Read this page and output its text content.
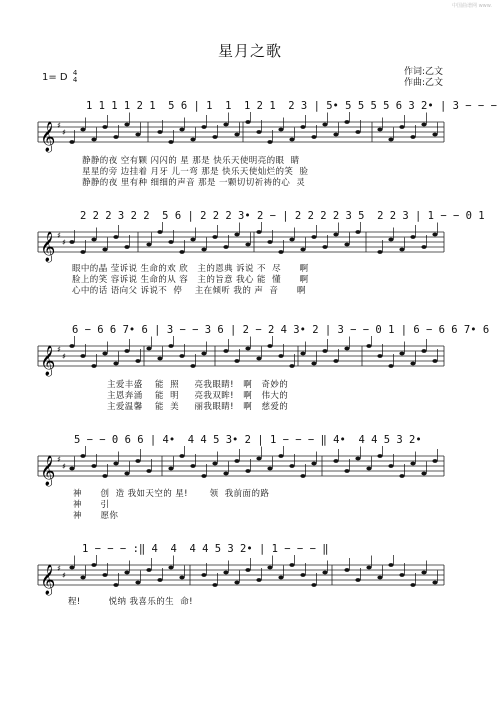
中国曲谱网 www.
星月之歌
作词:乙文
作曲:乙文
1= D 4
4
1 1 1 1 2 1  5 6 | 1  1  1 2 1  2 3 | 5• 5 5 5 5 6 3 2• | 3 − − −
𝄞 ♯
♯
静静的夜 空有颗 闪闪的 星 那是 快乐天使明亮的眼  睛
星星的旁 边挂着 月牙 儿一弯 那是 快乐天使灿烂的笑  脸
静静的夜 里有种 细细的声音 那是 一颗切切祈祷的心  灵
2 2 2 3 2 2  5 6 | 2 2 2 3• 2 − | 2 2 2 2 3 5  2 2 3 | 1 − − 0 1
𝄞 ♯
♯
眼中的晶 莹诉说 生命的欢 欣   主的恩典 诉说 不  尽      啊
脸上的笑 容诉说 生命的从 容   主的旨意 我心 能  懂      啊
心中的话 语向父 诉说不  停    主在倾听 我的 声  音      啊
6 − 6 6 7• 6 | 3 − − 3 6 | 2 − 2 4 3• 2 | 3 − − 0 1 | 6 − 6 6 7• 6
𝄞 ♯
♯
主爱丰盛    能  照     亮我眼睛!   啊   奇妙的
主恩奔涌    能  明     亮我双眸!   啊   伟大的
主爱温馨    能  美     丽我眼睛!   啊   慈爱的
5 − − 0 6 6 | 4•  4 4 5 3• 2 | 1 − − − ‖ 4•  4 4 5 3 2•
𝄞 ♯
♯
神      创  造 我如天空的 星!       领  我前面的路
神      引
神      愿你
1 − − − :‖ 4  4  4 4 5 3 2• | 1 − − − ‖
𝄞 ♯
♯
程!         悦纳 我喜乐的生  命!
